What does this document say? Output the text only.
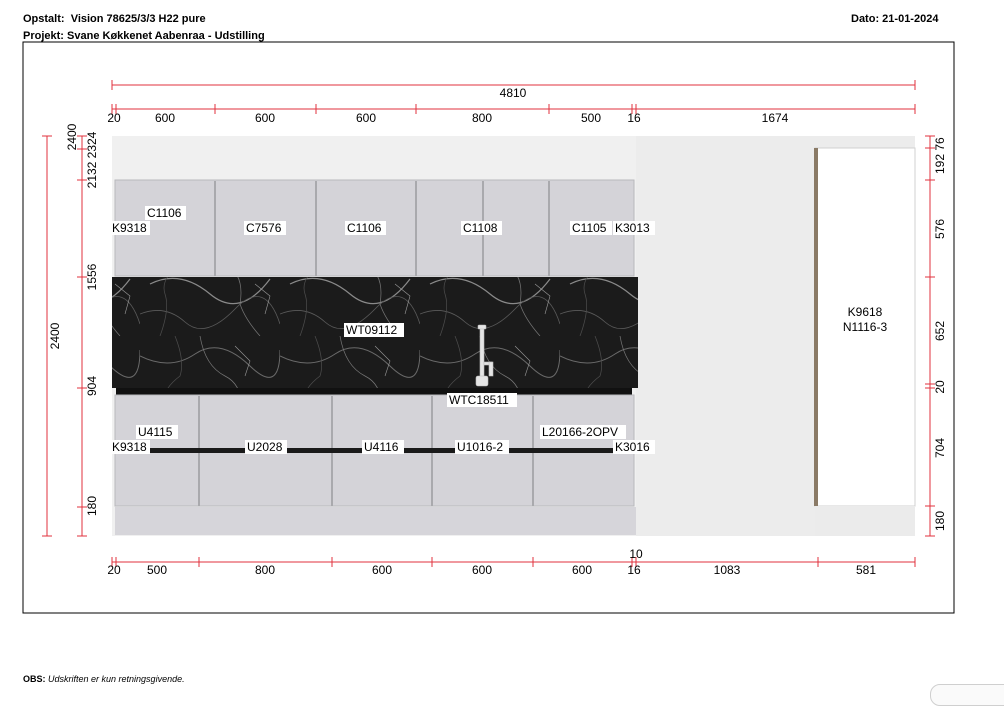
Opstalt: Vision 78625/3/3 H22 pure
Projekt: Svane Køkkenet Aabenraa - Udstilling
Dato: 21-01-2024
4810
20	600	600	600	800	500 16	1674
10
20 500	800	600	600	600	16	1083	581
2400
2400 2324
2132
1556
904
180
76
192
576
652
20
704
180
C1106
K9318	C7576	C1106	C1108	C1105 K3013
WT09112
WTC18511
U4115	L20166-2OPV
K9318	U2028	U4116	U1016-2	K3016
K9618
N1116-3
OBS: Udskriften er kun retningsgivende.
